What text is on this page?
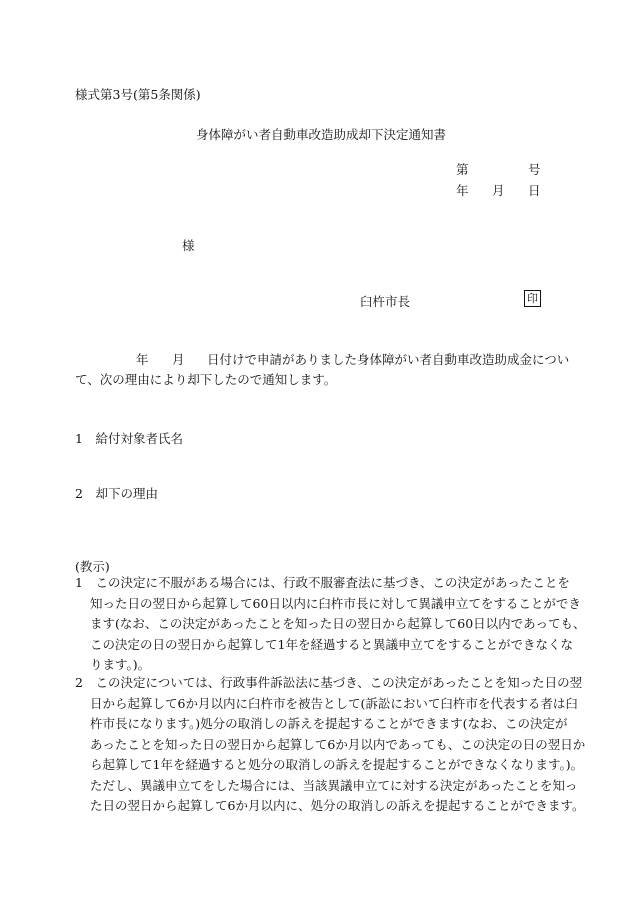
様式第3号(第5条関係)
身体障がい者自動車改造助成却下決定通知書
第	号
年 月 日
様
臼杵市長	印
年 月 日付けで申請がありました身体障がい者自動車改造助成金につい
て、次の理由により却下したので通知します。
1　給付対象者氏名
2　却下の理由
(教示)
1　この決定に不服がある場合には、行政不服審査法に基づき、この決定があったことを
知った日の翌日から起算して60日以内に臼杵市長に対して異議申立てをすることができ
ます(なお、この決定があったことを知った日の翌日から起算して60日以内であっても、
この決定の日の翌日から起算して1年を経過すると異議申立てをすることができなくな
ります。)。
2　この決定については、行政事件訴訟法に基づき、この決定があったことを知った日の翌
日から起算して6か月以内に臼杵市を被告として(訴訟において臼杵市を代表する者は臼
杵市長になります。)処分の取消しの訴えを提起することができます(なお、この決定が
あったことを知った日の翌日から起算して6か月以内であっても、この決定の日の翌日か
ら起算して1年を経過すると処分の取消しの訴えを提起することができなくなります。)。
ただし、異議申立てをした場合には、当該異議申立てに対する決定があったことを知っ
た日の翌日から起算して6か月以内に、処分の取消しの訴えを提起することができます。
